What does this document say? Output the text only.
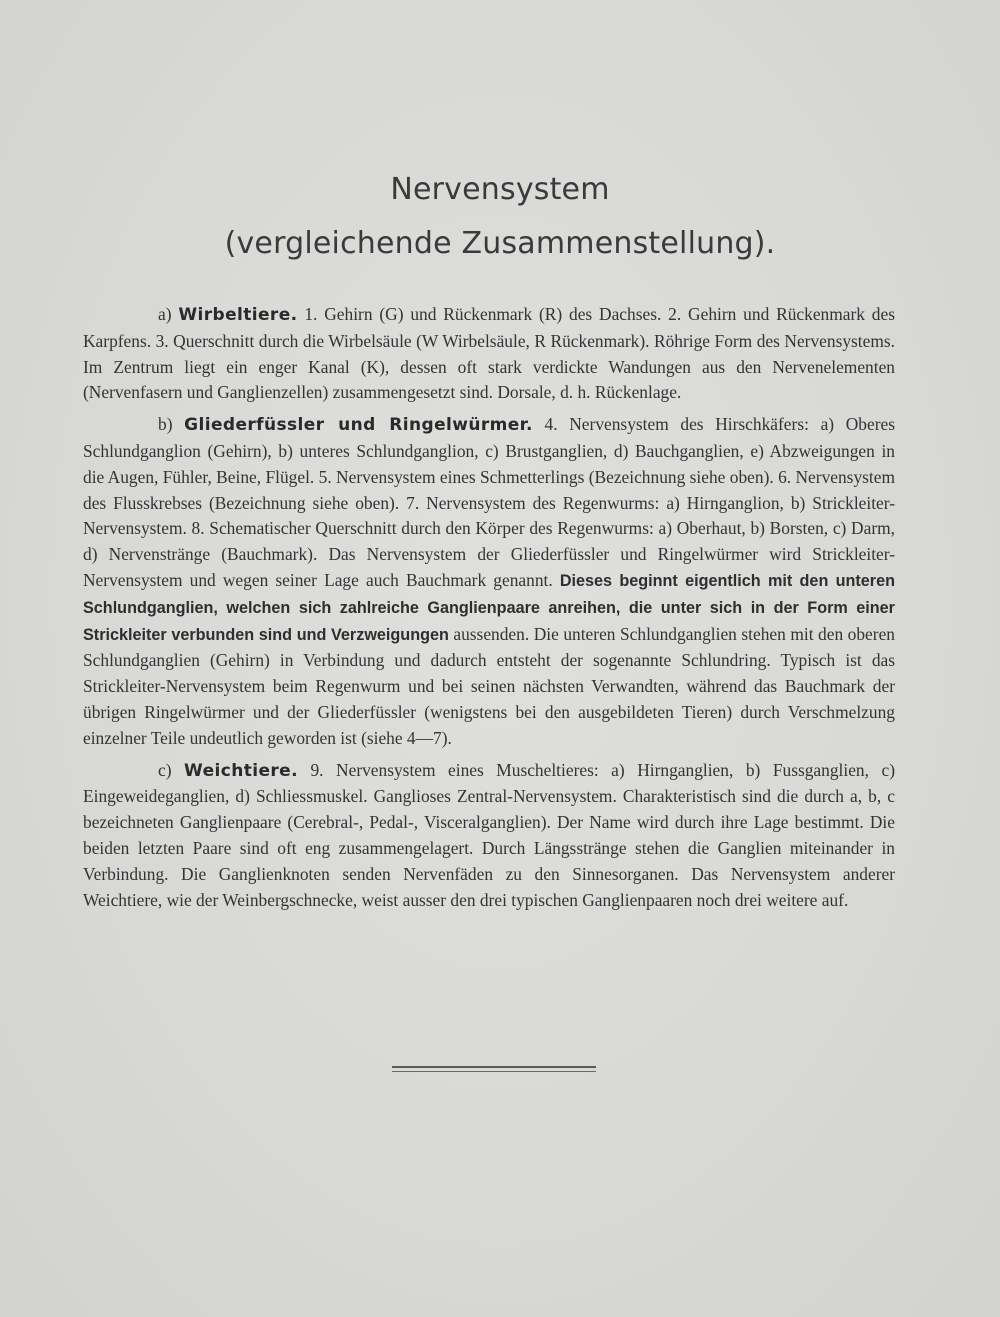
Nervensystem
(vergleichende Zusammenstellung).

a) Wirbeltiere. 1. Gehirn (G) und Rückenmark (R) des Dachses. 2. Gehirn und Rückenmark des Karpfens. 3. Querschnitt durch die Wirbelsäule (W Wirbelsäule, R Rückenmark). Röhrige Form des Nervensystems. Im Zentrum liegt ein enger Kanal (K), dessen oft stark verdickte Wandungen aus den Nervenelementen (Nervenfasern und Ganglienzellen) zusammengesetzt sind. Dorsale, d. h. Rückenlage.

b) Gliederfüssler und Ringelwürmer. 4. Nervensystem des Hirschkäfers: a) Oberes Schlundganglion (Gehirn), b) unteres Schlundganglion, c) Brustganglien, d) Bauchganglien, e) Abzweigungen in die Augen, Fühler, Beine, Flügel. 5. Nervensystem eines Schmetterlings (Bezeichnung siehe oben). 6. Nervensystem des Flusskrebses (Bezeichnung siehe oben). 7. Nervensystem des Regenwurms: a) Hirnganglion, b) Strickleiter-Nervensystem. 8. Schematischer Querschnitt durch den Körper des Regenwurms: a) Oberhaut, b) Borsten, c) Darm, d) Nervenstränge (Bauchmark). Das Nervensystem der Gliederfüssler und Ringelwürmer wird Strickleiter-Nervensystem und wegen seiner Lage auch Bauchmark genannt. Dieses beginnt eigentlich mit den unteren Schlundganglien, welchen sich zahlreiche Ganglienpaare anreihen, die unter sich in der Form einer Strickleiter verbunden sind und Verzweigungen aussenden. Die unteren Schlundganglien stehen mit den oberen Schlundganglien (Gehirn) in Verbindung und dadurch entsteht der sogenannte Schlundring. Typisch ist das Strickleiter-Nervensystem beim Regenwurm und bei seinen nächsten Verwandten, während das Bauchmark der übrigen Ringelwürmer und der Gliederfüssler (wenigstens bei den ausgebildeten Tieren) durch Verschmelzung einzelner Teile undeutlich geworden ist (siehe 4—7).

c) Weichtiere. 9. Nervensystem eines Muscheltieres: a) Hirnganglien, b) Fussganglien, c) Eingeweideganglien, d) Schliessmuskel. Ganglioses Zentral-Nervensystem. Charakteristisch sind die durch a, b, c bezeichneten Ganglienpaare (Cerebral-, Pedal-, Visceralganglien). Der Name wird durch ihre Lage bestimmt. Die beiden letzten Paare sind oft eng zusammengelagert. Durch Längsstränge stehen die Ganglien miteinander in Verbindung. Die Ganglienknoten senden Nervenfäden zu den Sinnesorganen. Das Nervensystem anderer Weichtiere, wie der Weinbergschnecke, weist ausser den drei typischen Ganglienpaaren noch drei weitere auf.
